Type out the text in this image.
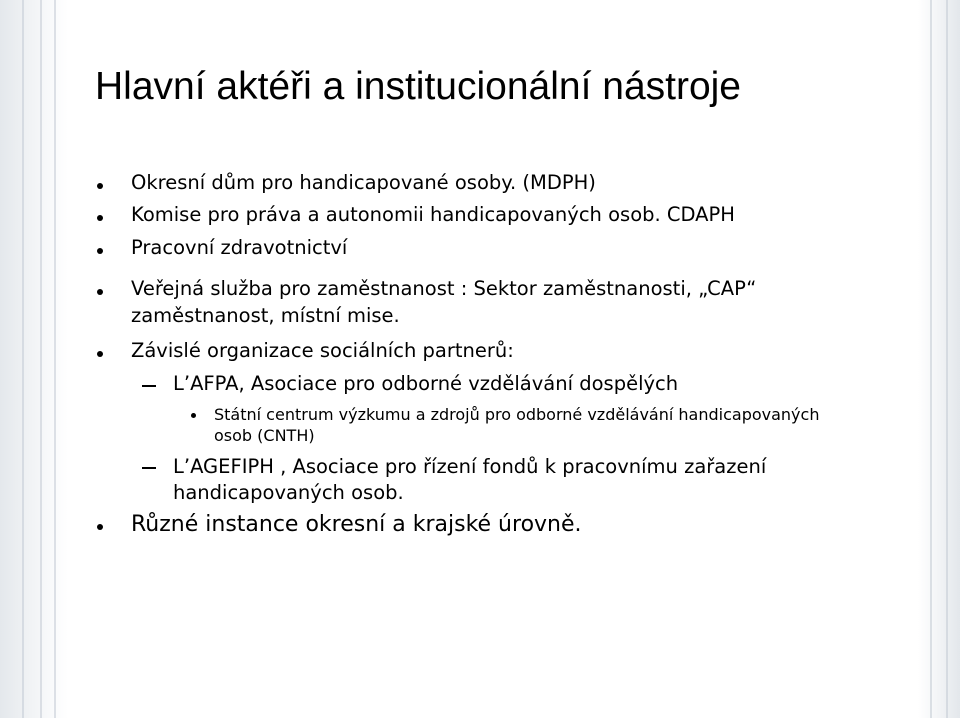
Hlavní aktéři a institucionální nástroje
Okresní dům pro handicapované osoby. (MDPH)
Komise pro práva a autonomii handicapovaných osob. CDAPH
Pracovní zdravotnictví
Veřejná služba pro zaměstnanost : Sektor zaměstnanosti, „CAP“
zaměstnanost, místní mise.
Závislé organizace sociálních partnerů:
L’AFPA, Asociace pro odborné vzdělávání dospělých
Státní centrum výzkumu a zdrojů pro odborné vzdělávání handicapovaných
osob (CNTH)
L’AGEFIPH , Asociace pro řízení fondů k pracovnímu zařazení
handicapovaných osob.
Různé instance okresní a krajské úrovně.
